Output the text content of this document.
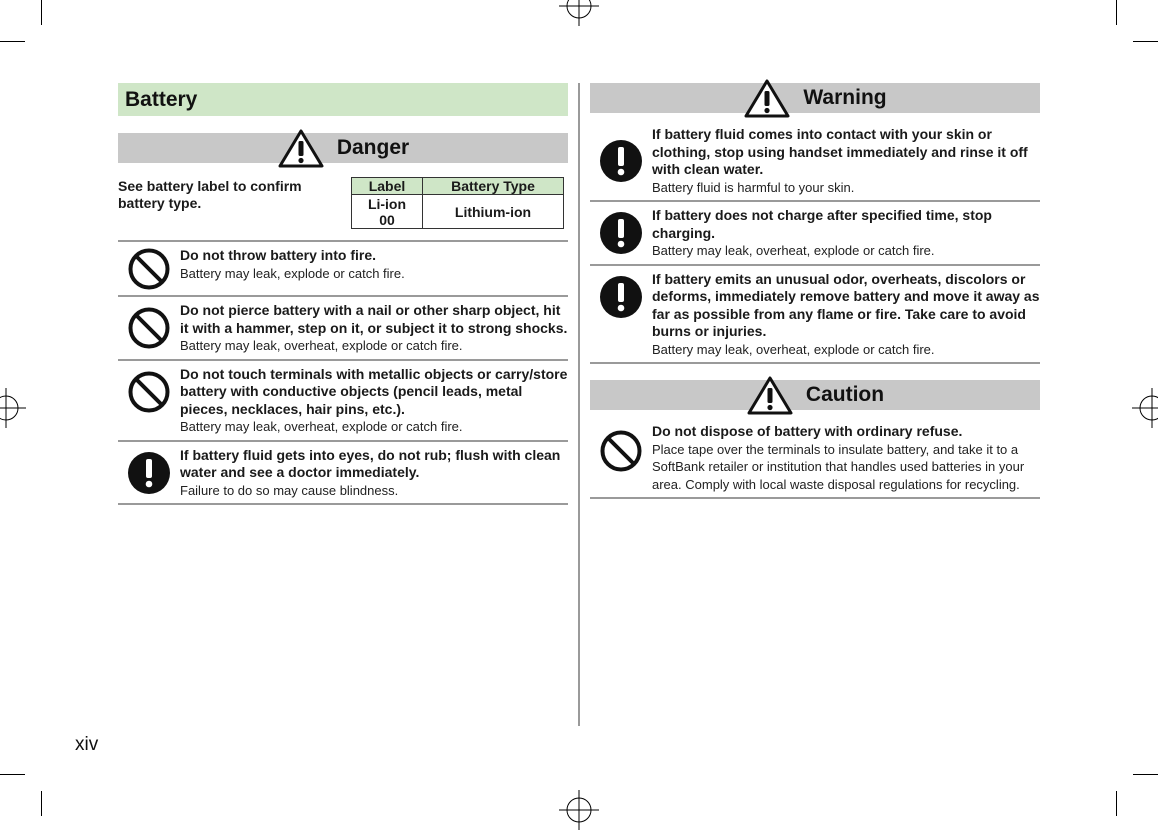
Battery
Danger
See battery label to confirm battery type.
Label	Battery Type
Li-ion 00	Lithium-ion
Do not throw battery into fire.
Battery may leak, explode or catch fire.
Do not pierce battery with a nail or other sharp object, hit it with a hammer, step on it, or subject it to strong shocks.
Battery may leak, overheat, explode or catch fire.
Do not touch terminals with metallic objects or carry/store battery with conductive objects (pencil leads, metal pieces, necklaces, hair pins, etc.).
Battery may leak, overheat, explode or catch fire.
If battery fluid gets into eyes, do not rub; flush with clean water and see a doctor immediately.
Failure to do so may cause blindness.
Warning
If battery fluid comes into contact with your skin or clothing, stop using handset immediately and rinse it off with clean water.
Battery fluid is harmful to your skin.
If battery does not charge after specified time, stop charging.
Battery may leak, overheat, explode or catch fire.
If battery emits an unusual odor, overheats, discolors or deforms, immediately remove battery and move it away as far as possible from any flame or fire. Take care to avoid burns or injuries.
Battery may leak, overheat, explode or catch fire.
Caution
Do not dispose of battery with ordinary refuse.
Place tape over the terminals to insulate battery, and take it to a SoftBank retailer or institution that handles used batteries in your area. Comply with local waste disposal regulations for recycling.
xiv
